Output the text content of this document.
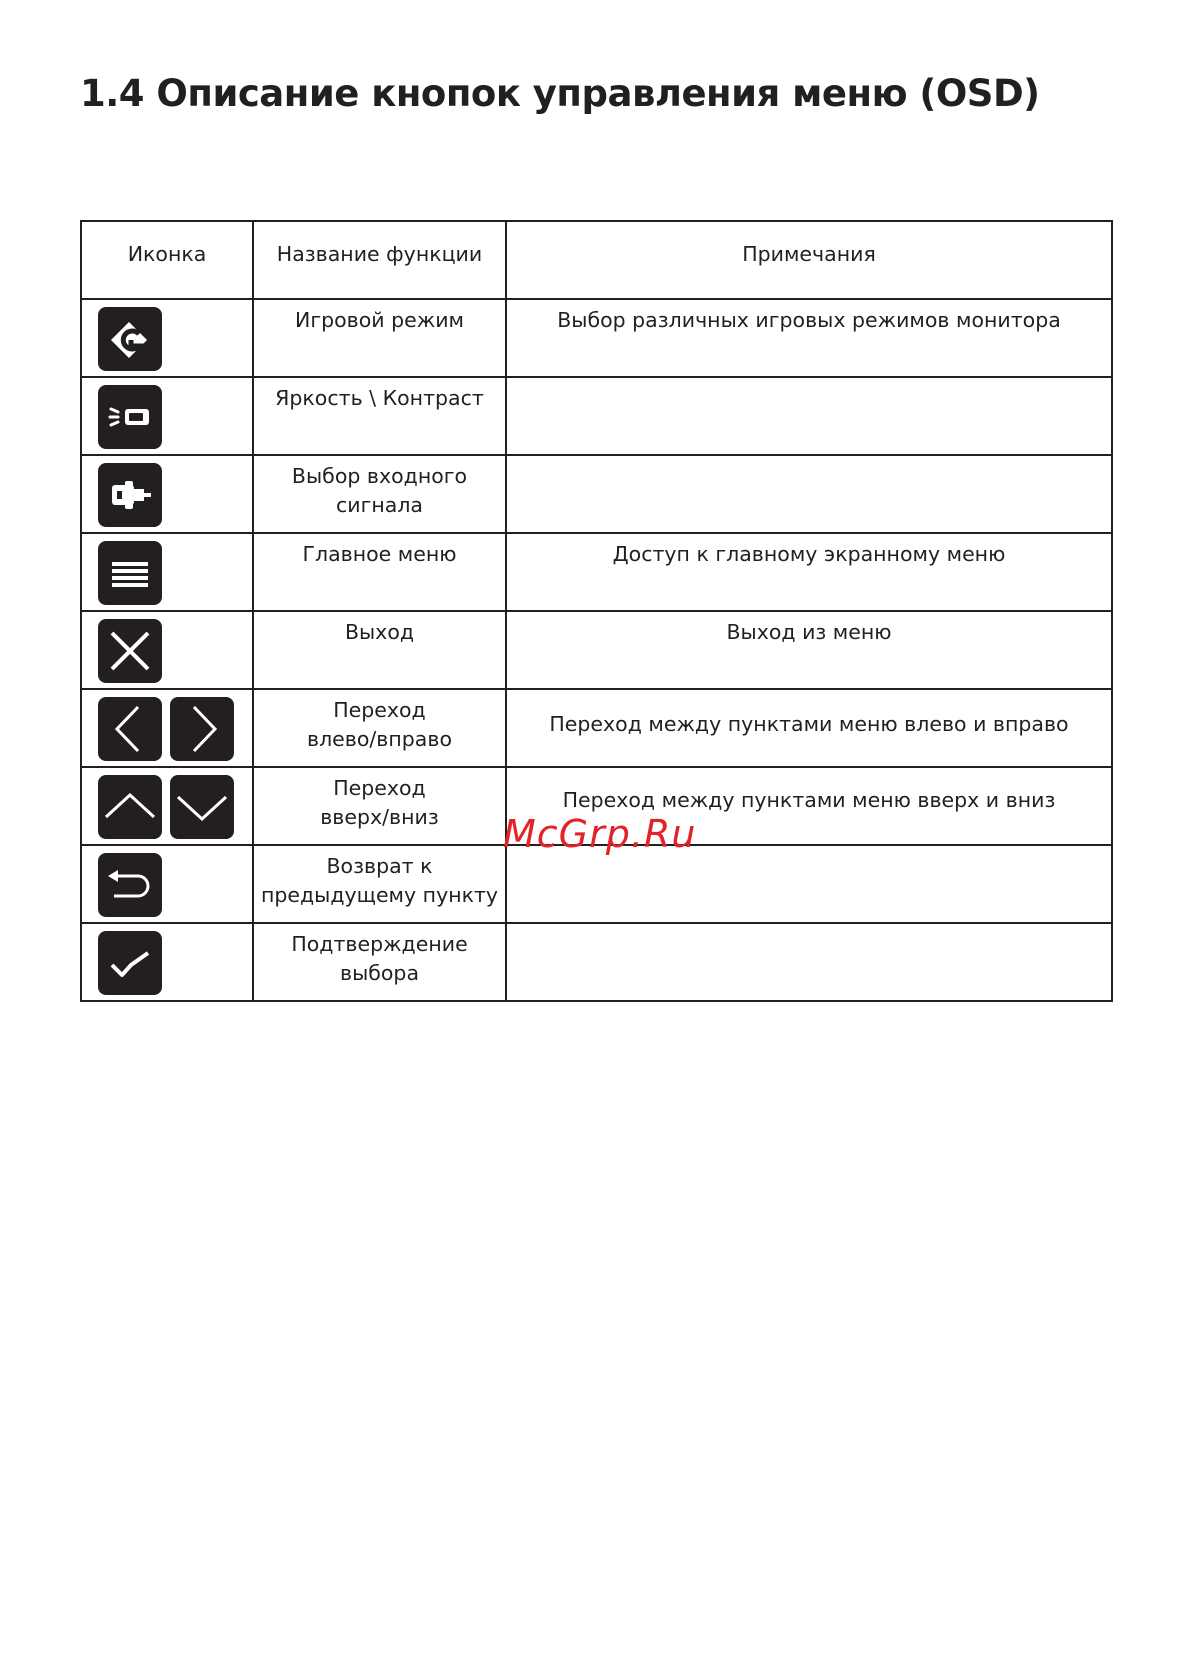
1.4 Описание кнопок управления меню (OSD)
Иконка	Название функции	Примечания

Игровой режим	Выбор различных игровых режимов монитора

Яркость \ Контраст	

Выбор входного
сигнала	

Главное меню	Доступ к главному экранному меню

Выход	Выход из меню

Переход
влево/вправо	Переход между пунктами меню влево и вправо

Переход
вверх/вниз	Переход между пунктами меню вверх и вниз

Возврат к
предыдущему пункту	

Подтверждение
выбора	

McGrp.Ru
